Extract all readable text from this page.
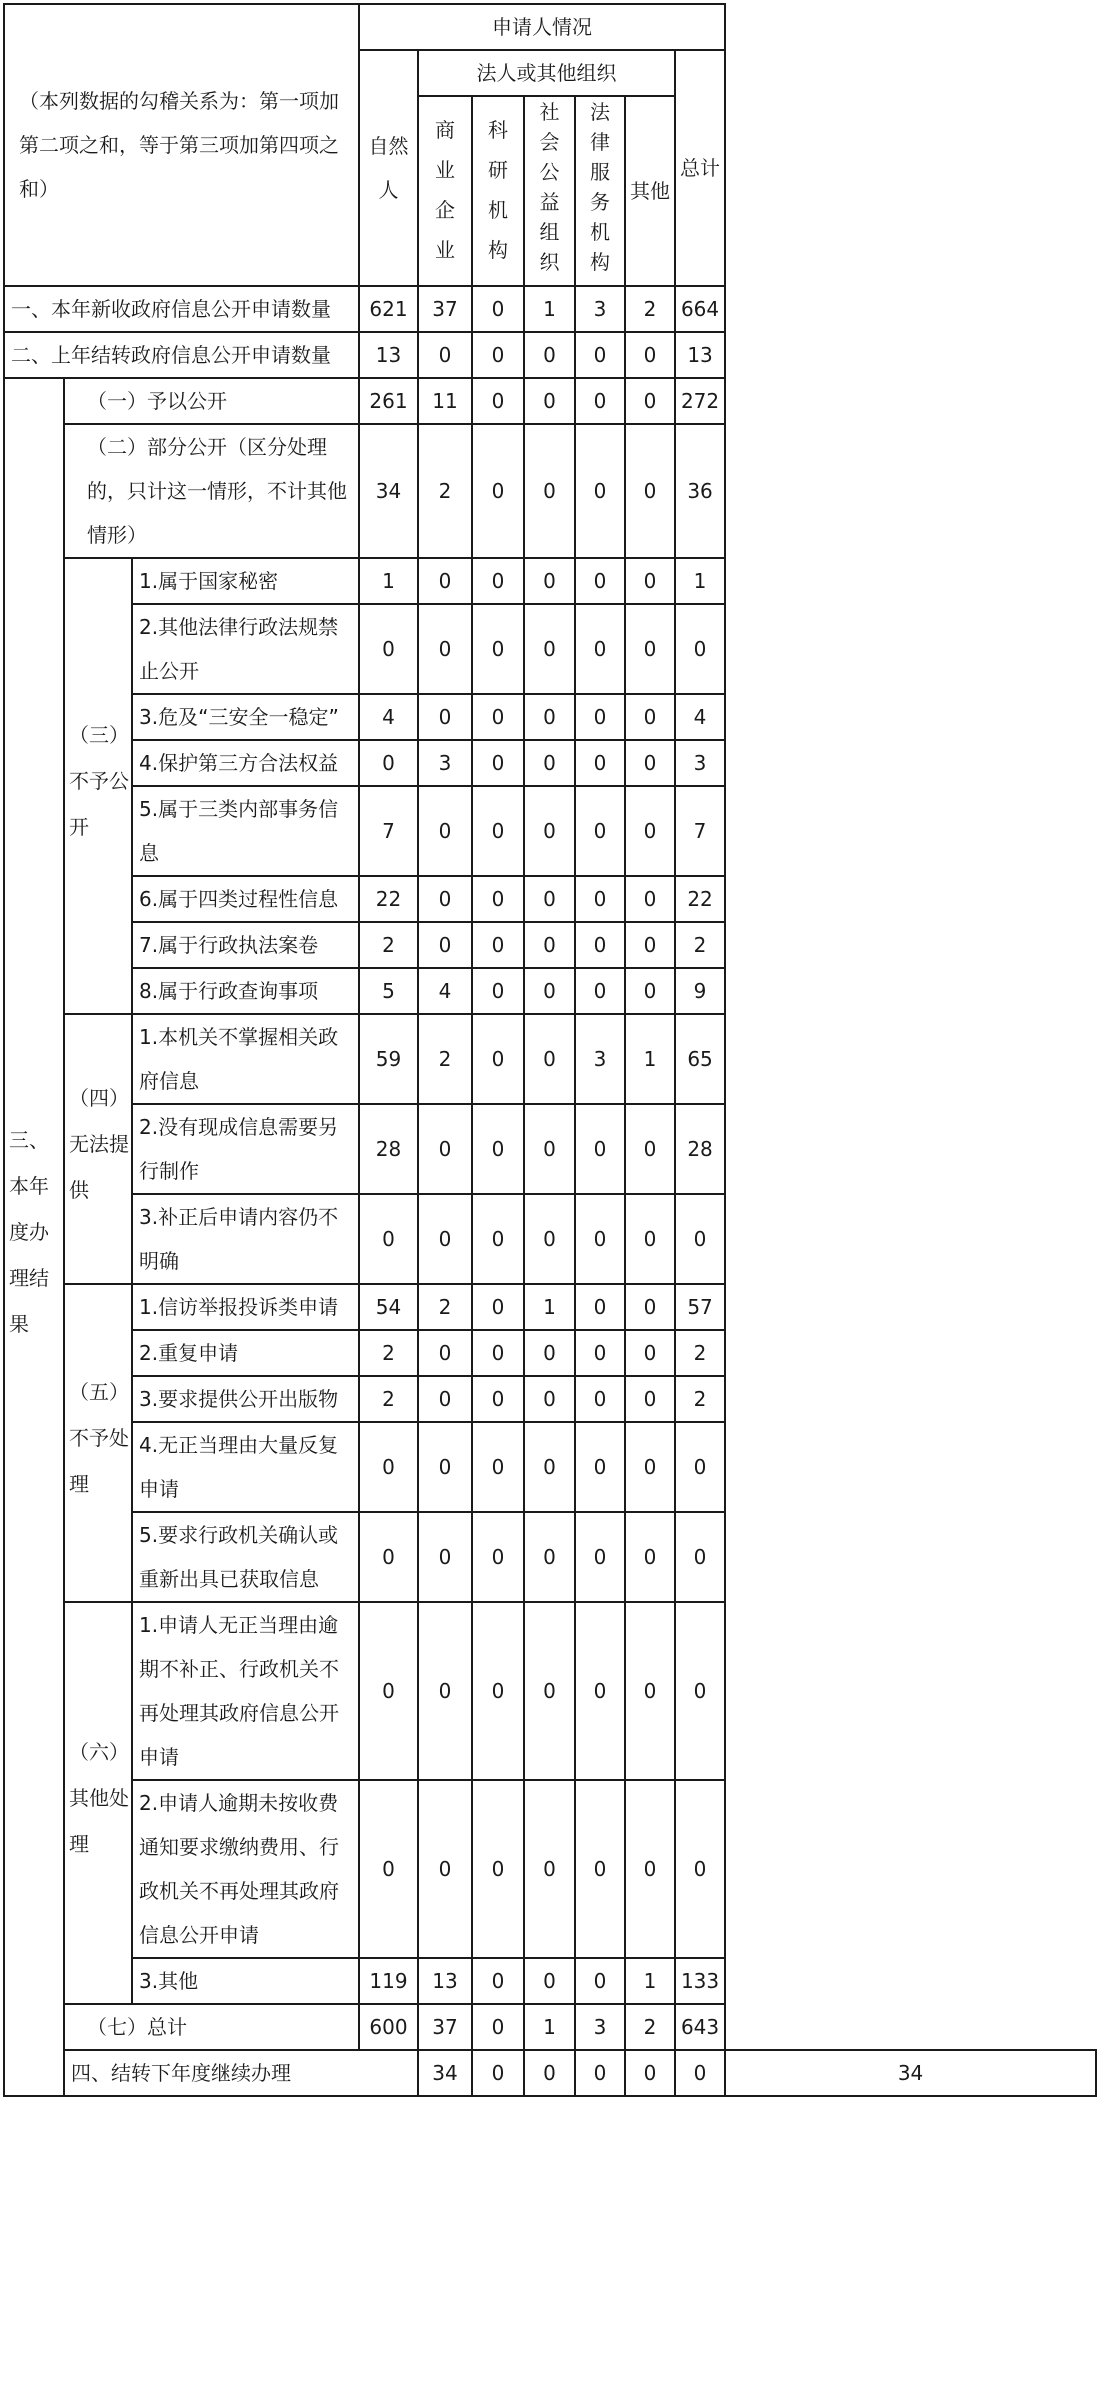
（本列数据的勾稽关系为：第一项加第二项之和，等于第三项加第四项之和）			申请人情况							
			自然人	法人或其他组织					总计	
				商业企业	科研机构	社会公益组织	法律服务机构	其他		
一、本年新收政府信息公开申请数量			621	37	0	1	3	2	664	
二、上年结转政府信息公开申请数量			13	0	0	0	0	0	13	
三、本年度办理结果	（一）予以公开		261	11	0	0	0	0	272	
	（二）部分公开（区分处理的，只计这一情形，不计其他情形）		34	2	0	0	0	0	36	
	（三）不予公开	1.属于国家秘密	1	0	0	0	0	0	1	
		2.其他法律行政法规禁止公开	0	0	0	0	0	0	0	
		3.危及“三安全一稳定”	4	0	0	0	0	0	4	
		4.保护第三方合法权益	0	3	0	0	0	0	3	
		5.属于三类内部事务信息	7	0	0	0	0	0	7	
		6.属于四类过程性信息	22	0	0	0	0	0	22	
		7.属于行政执法案卷	2	0	0	0	0	0	2	
		8.属于行政查询事项	5	4	0	0	0	0	9	
	（四）无法提供	1.本机关不掌握相关政府信息	59	2	0	0	3	1	65	
		2.没有现成信息需要另行制作	28	0	0	0	0	0	28	
		3.补正后申请内容仍不明确	0	0	0	0	0	0	0	
	（五）不予处理	1.信访举报投诉类申请	54	2	0	1	0	0	57	
		2.重复申请	2	0	0	0	0	0	2	
		3.要求提供公开出版物	2	0	0	0	0	0	2	
		4.无正当理由大量反复申请	0	0	0	0	0	0	0	
		5.要求行政机关确认或重新出具已获取信息	0	0	0	0	0	0	0	
	（六）其他处理	1.申请人无正当理由逾期不补正、行政机关不再处理其政府信息公开申请	0	0	0	0	0	0	0	
		2.申请人逾期未按收费通知要求缴纳费用、行政机关不再处理其政府信息公开申请	0	0	0	0	0	0	0	
		3.其他	119	13	0	0	0	1	133	
	（七）总计		600	37	0	1	3	2	643	
	四、结转下年度继续办理			34	0	0	0	0	0	34
